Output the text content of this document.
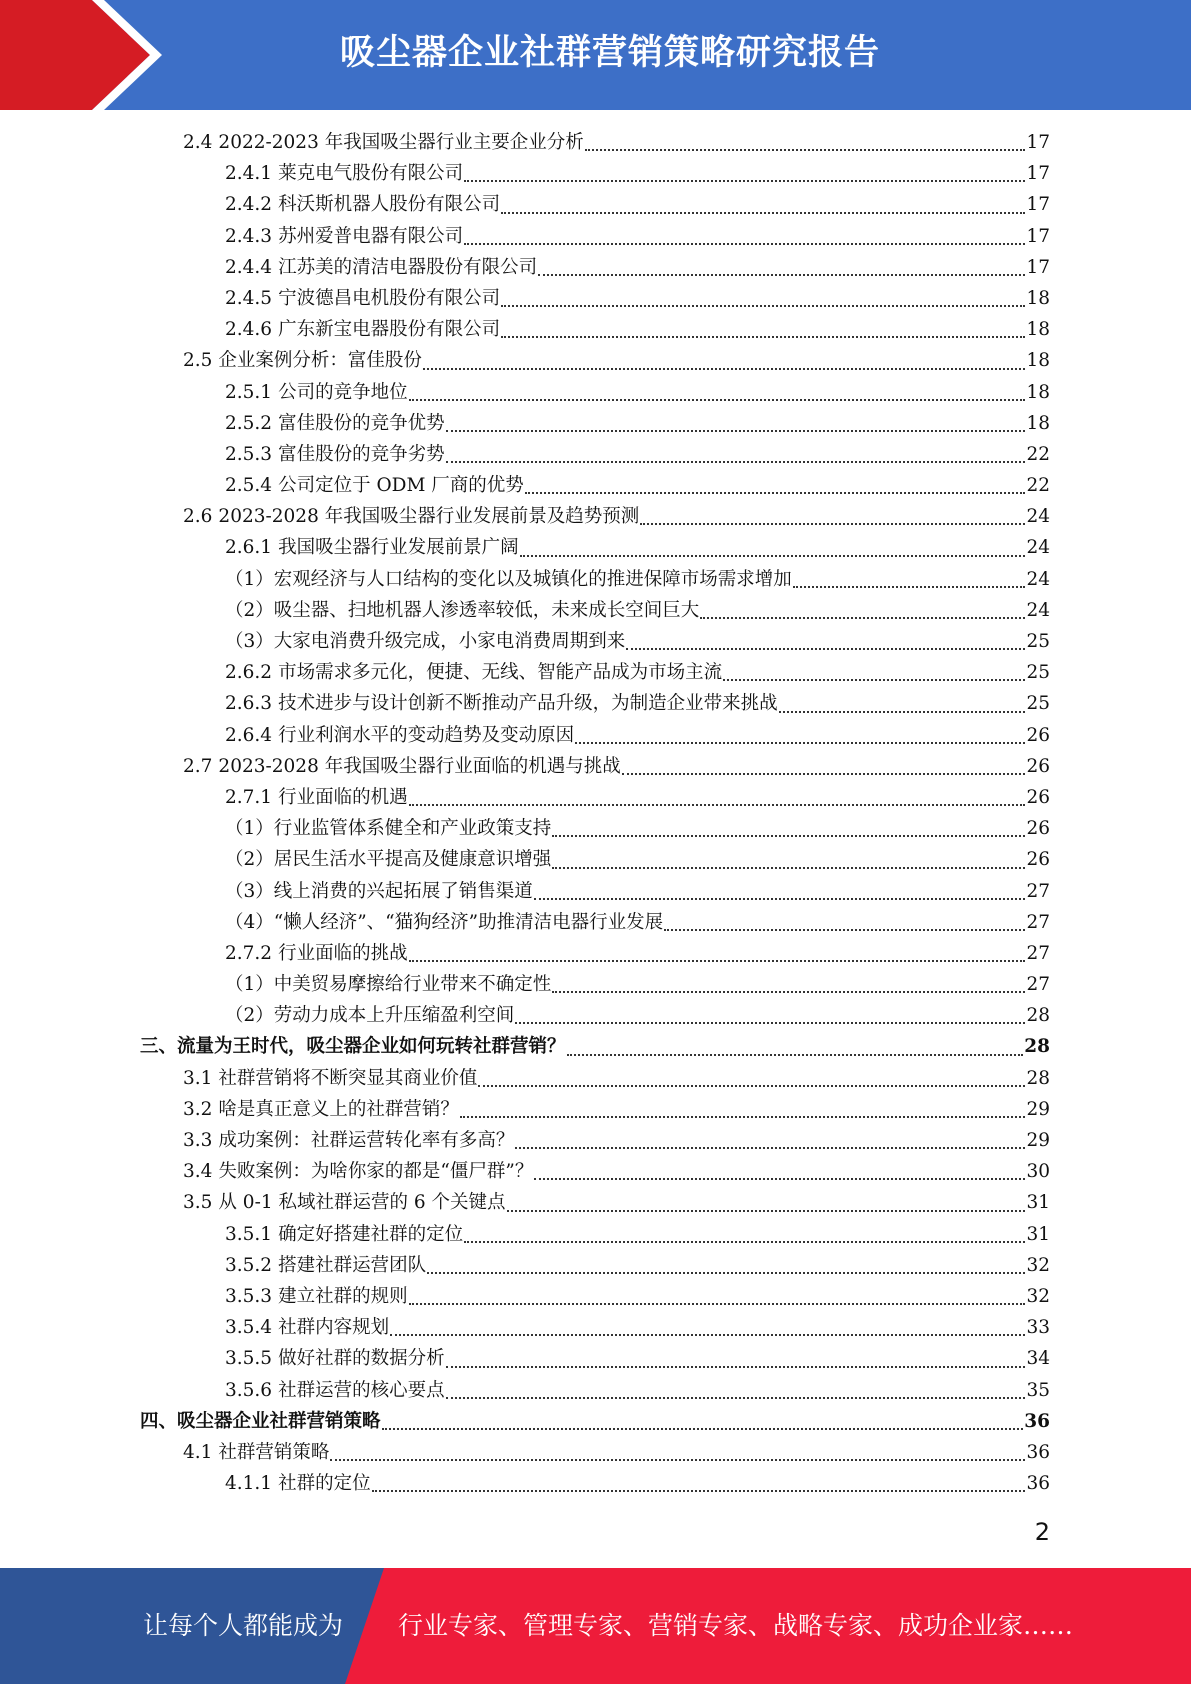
吸尘器企业社群营销策略研究报告
2.4 2022-2023 年我国吸尘器行业主要企业分析	17
2.4.1 莱克电气股份有限公司	17
2.4.2 科沃斯机器人股份有限公司	17
2.4.3 苏州爱普电器有限公司	17
2.4.4 江苏美的清洁电器股份有限公司	17
2.4.5 宁波德昌电机股份有限公司	18
2.4.6 广东新宝电器股份有限公司	18
2.5 企业案例分析：富佳股份	18
2.5.1 公司的竞争地位	18
2.5.2 富佳股份的竞争优势	18
2.5.3 富佳股份的竞争劣势	22
2.5.4 公司定位于 ODM 厂商的优势	22
2.6 2023-2028 年我国吸尘器行业发展前景及趋势预测	24
2.6.1 我国吸尘器行业发展前景广阔	24
（1）宏观经济与人口结构的变化以及城镇化的推进保障市场需求增加	24
（2）吸尘器、扫地机器人渗透率较低，未来成长空间巨大	24
（3）大家电消费升级完成，小家电消费周期到来	25
2.6.2 市场需求多元化，便捷、无线、智能产品成为市场主流	25
2.6.3 技术进步与设计创新不断推动产品升级，为制造企业带来挑战	25
2.6.4 行业利润水平的变动趋势及变动原因	26
2.7 2023-2028 年我国吸尘器行业面临的机遇与挑战	26
2.7.1 行业面临的机遇	26
（1）行业监管体系健全和产业政策支持	26
（2）居民生活水平提高及健康意识增强	26
（3）线上消费的兴起拓展了销售渠道	27
（4）“懒人经济”、“猫狗经济”助推清洁电器行业发展	27
2.7.2 行业面临的挑战	27
（1）中美贸易摩擦给行业带来不确定性	27
（2）劳动力成本上升压缩盈利空间	28
三、流量为王时代，吸尘器企业如何玩转社群营销？	28
3.1 社群营销将不断突显其商业价值	28
3.2 啥是真正意义上的社群营销？	29
3.3 成功案例：社群运营转化率有多高？	29
3.4 失败案例：为啥你家的都是“僵尸群”？	30
3.5 从 0-1 私域社群运营的 6 个关键点	31
3.5.1 确定好搭建社群的定位	31
3.5.2 搭建社群运营团队	32
3.5.3 建立社群的规则	32
3.5.4 社群内容规划	33
3.5.5 做好社群的数据分析	34
3.5.6 社群运营的核心要点	35
四、吸尘器企业社群营销策略	36
4.1 社群营销策略	36
4.1.1 社群的定位	36
2
让每个人都能成为 行业专家、管理专家、营销专家、战略专家、成功企业家……
